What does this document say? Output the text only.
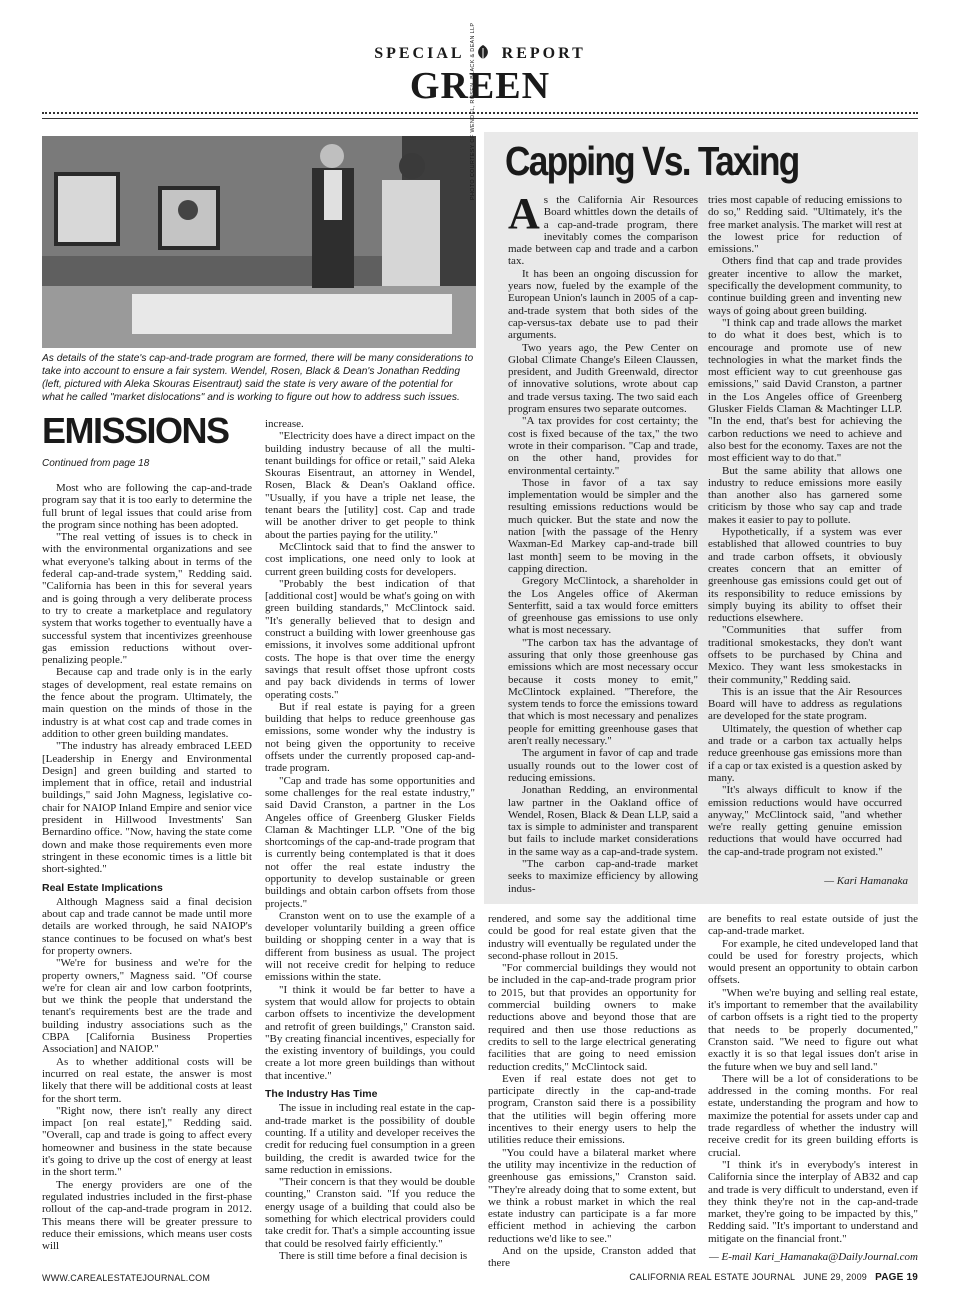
SPECIAL REPORT
GREEN
PHOTO COURTESY OF WENDEL, ROSEN, BLACK & DEAN LLP
As details of the state's cap-and-trade program are formed, there will be many considerations to take into account to ensure a fair system. Wendel, Rosen, Black & Dean's Jonathan Redding (left, pictured with Aleka Skouras Eisentraut) said the state is very aware of the potential for what he called "market dislocations" and is working to figure out how to address such issues.
EMISSIONS
Continued from page 18

Most who are following the cap-and-trade program say that it is too early to determine the full brunt of legal issues that could arise from the program since nothing has been adopted.

"The real vetting of issues is to check in with the environmental organizations and see what everyone's talking about in terms of the federal cap-and-trade system," Redding said. "California has been in this for several years and is going through a very deliberate process to try to create a marketplace and regulatory system that works together to eventually have a successful system that incentivizes greenhouse gas emission reductions without over-penalizing people."

Because cap and trade only is in the early stages of development, real estate remains on the fence about the program. Ultimately, the main question on the minds of those in the industry is at what cost cap and trade comes in addition to other green building mandates.

"The industry has already embraced LEED [Leadership in Energy and Environmental Design] and green building and started to implement that in office, retail and industrial buildings," said John Magness, legislative co-chair for NAIOP Inland Empire and senior vice president in Hillwood Investments' San Bernardino office. "Now, having the state come down and make those requirements even more stringent in these economic times is a little bit short-sighted."

Real Estate Implications

Although Magness said a final decision about cap and trade cannot be made until more details are worked through, he said NAIOP's stance continues to be focused on what's best for property owners.

"We're for business and we're for the property owners," Magness said. "Of course we're for clean air and low carbon footprints, but we think the people that understand the tenant's requirements best are the trade and building industry associations such as the CBPA [California Business Properties Association] and NAIOP."

As to whether additional costs will be incurred on real estate, the answer is most likely that there will be additional costs at least for the short term.

"Right now, there isn't really any direct impact [on real estate]," Redding said. "Overall, cap and trade is going to affect every homeowner and business in the state because it's going to drive up the cost of energy at least in the short term."

The energy providers are one of the regulated industries included in the first-phase rollout of the cap-and-trade program in 2012. This means there will be greater pressure to reduce their emissions, which means user costs will

increase.

"Electricity does have a direct impact on the building industry because of all the multi-tenant buildings for office or retail," said Aleka Skouras Eisentraut, an attorney in Wendel, Rosen, Black & Dean's Oakland office. "Usually, if you have a triple net lease, the tenant bears the [utility] cost. Cap and trade will be another driver to get people to think about the parties paying for the utility."

McClintock said that to find the answer to cost implications, one need only to look at current green building costs for developers.

"Probably the best indication of that [additional cost] would be what's going on with green building standards," McClintock said. "It's generally believed that to design and construct a building with lower greenhouse gas emissions, it involves some additional upfront costs. The hope is that over time the energy savings that result offset those upfront costs and pay back dividends in terms of lower operating costs."

But if real estate is paying for a green building that helps to reduce greenhouse gas emissions, some wonder why the industry is not being given the opportunity to receive offsets under the currently proposed cap-and-trade program.

"Cap and trade has some opportunities and some challenges for the real estate industry," said David Cranston, a partner in the Los Angeles office of Greenberg Glusker Fields Claman & Machtinger LLP. "One of the big shortcomings of the cap-and-trade program that is currently being contemplated is that it does not offer the real estate industry the opportunity to develop sustainable or green buildings and obtain carbon offsets from those projects."

Cranston went on to use the example of a developer voluntarily building a green office building or shopping center in a way that is different from business as usual. The project will not receive credit for helping to reduce emissions within the state.

"I think it would be far better to have a system that would allow for projects to obtain carbon offsets to incentivize the development and retrofit of green buildings," Cranston said. "By creating financial incentives, especially for the existing inventory of buildings, you could create a lot more green buildings than without that incentive."

The Industry Has Time

The issue in including real estate in the cap-and-trade market is the possibility of double counting. If a utility and developer receives the credit for reducing fuel consumption in a green building, the credit is awarded twice for the same reduction in emissions.

"Their concern is that they would be double counting," Cranston said. "If you reduce the energy usage of a building that could also be something for which electrical providers could take credit for. That's a simple accounting issue that could be resolved fairly efficiently."

There is still time before a final decision is

rendered, and some say the additional time could be good for real estate given that the industry will eventually be regulated under the second-phase rollout in 2015.

"For commercial buildings they would not be included in the cap-and-trade program prior to 2015, but that provides an opportunity for commercial building owners to make reductions above and beyond those that are required and then use those reductions as credits to sell to the large electrical generating facilities that are going to need emission reduction credits," McClintock said.

Even if real estate does not get to participate directly in the cap-and-trade program, Cranston said there is a possibility that the utilities will begin offering more incentives to their energy users to help the utilities reduce their emissions.

"You could have a bilateral market where the utility may incentivize in the reduction of greenhouse gas emissions," Cranston said. "They're already doing that to some extent, but we think a robust market in which the real estate industry can participate is a far more efficient method in achieving the carbon reductions we'd like to see."

And on the upside, Cranston added that there

are benefits to real estate outside of just the cap-and-trade market.

For example, he cited undeveloped land that could be used for forestry projects, which would present an opportunity to obtain carbon offsets.

"When we're buying and selling real estate, it's important to remember that the availability of carbon offsets is a right tied to the property that needs to be properly documented," Cranston said. "We need to figure out what exactly it is so that legal issues don't arise in the future when we buy and sell land."

There will be a lot of considerations to be addressed in the coming months. For real estate, understanding the program and how to maximize the potential for assets under cap and trade regardless of whether the industry will receive credit for its green building efforts is crucial.

"I think it's in everybody's interest in California since the interplay of AB32 and cap and trade is very difficult to understand, even if they think they're not in the cap-and-trade market, they're going to be impacted by this," Redding said. "It's important to understand and mitigate on the financial front."

— E-mail Kari_Hamanaka@DailyJournal.com

Capping Vs. Taxing

As the California Air Resources Board whittles down the details of a cap-and-trade program, there inevitably comes the comparison made between cap and trade and a carbon tax.

It has been an ongoing discussion for years now, fueled by the example of the European Union's launch in 2005 of a cap-and-trade system that both sides of the cap-versus-tax debate use to pad their arguments.

Two years ago, the Pew Center on Global Climate Change's Eileen Claussen, president, and Judith Greenwald, director of innovative solutions, wrote about cap and trade versus taxing. The two said each program ensures two separate outcomes.

"A tax provides for cost certainty; the cost is fixed because of the tax," the two wrote in their comparison. "Cap and trade, on the other hand, provides for environmental certainty."

Those in favor of a tax say implementation would be simpler and the resulting emissions reductions would be much quicker. But the state and now the nation [with the passage of the Henry Waxman-Ed Markey cap-and-trade bill last month] seem to be moving in the capping direction.

Gregory McClintock, a shareholder in the Los Angeles office of Akerman Senterfitt, said a tax would force emitters of greenhouse gas emissions to use only what is most necessary.

"The carbon tax has the advantage of assuring that only those greenhouse gas emissions which are most necessary occur because it costs money to emit," McClintock explained. "Therefore, the system tends to force the emissions toward that which is most necessary and penalizes people for emitting greenhouse gases that aren't really necessary."

The argument in favor of cap and trade usually rounds out to the lower cost of reducing emissions.

Jonathan Redding, an environmental law partner in the Oakland office of Wendel, Rosen, Black & Dean LLP, said a tax is simple to administer and transparent but fails to include market considerations in the same way as a cap-and-trade system.

"The carbon cap-and-trade market seeks to maximize efficiency by allowing indus-

tries most capable of reducing emissions to do so," Redding said. "Ultimately, it's the free market analysis. The market will rest at the lowest price for reduction of emissions."

Others find that cap and trade provides greater incentive to allow the market, specifically the development community, to continue building green and inventing new ways of going about green building.

"I think cap and trade allows the market to do what it does best, which is to encourage and promote use of new technologies in what the market finds the most efficient way to cut greenhouse gas emissions," said David Cranston, a partner in the Los Angeles office of Greenberg Glusker Fields Claman & Machtinger LLP. "In the end, that's best for achieving the carbon reductions we need to achieve and also best for the economy. Taxes are not the most efficient way to do that."

But the same ability that allows one industry to reduce emissions more easily than another also has garnered some criticism by those who say cap and trade makes it easier to pay to pollute.

Hypothetically, if a system was ever established that allowed countries to buy and trade carbon offsets, it obviously creates concern that an emitter of greenhouse gas emissions could get out of its responsibility to reduce emissions by simply buying its ability to offset their reductions elsewhere.

"Communities that suffer from traditional smokestacks, they don't want offsets to be purchased by China and Mexico. They want less smokestacks in their community," Redding said.

This is an issue that the Air Resources Board will have to address as regulations are developed for the state program.

Ultimately, the question of whether cap and trade or a carbon tax actually helps reduce greenhouse gas emissions more than if a cap or tax existed is a question asked by many.

"It's always difficult to know if the emission reductions would have occurred anyway," McClintock said, "and whether we're really getting genuine emission reductions that would have occurred had the cap-and-trade program not existed."

— Kari Hamanaka
WWW.CAREALESTATEJOURNAL.COM	CALIFORNIA REAL ESTATE JOURNAL JUNE 29, 2009 PAGE 19
